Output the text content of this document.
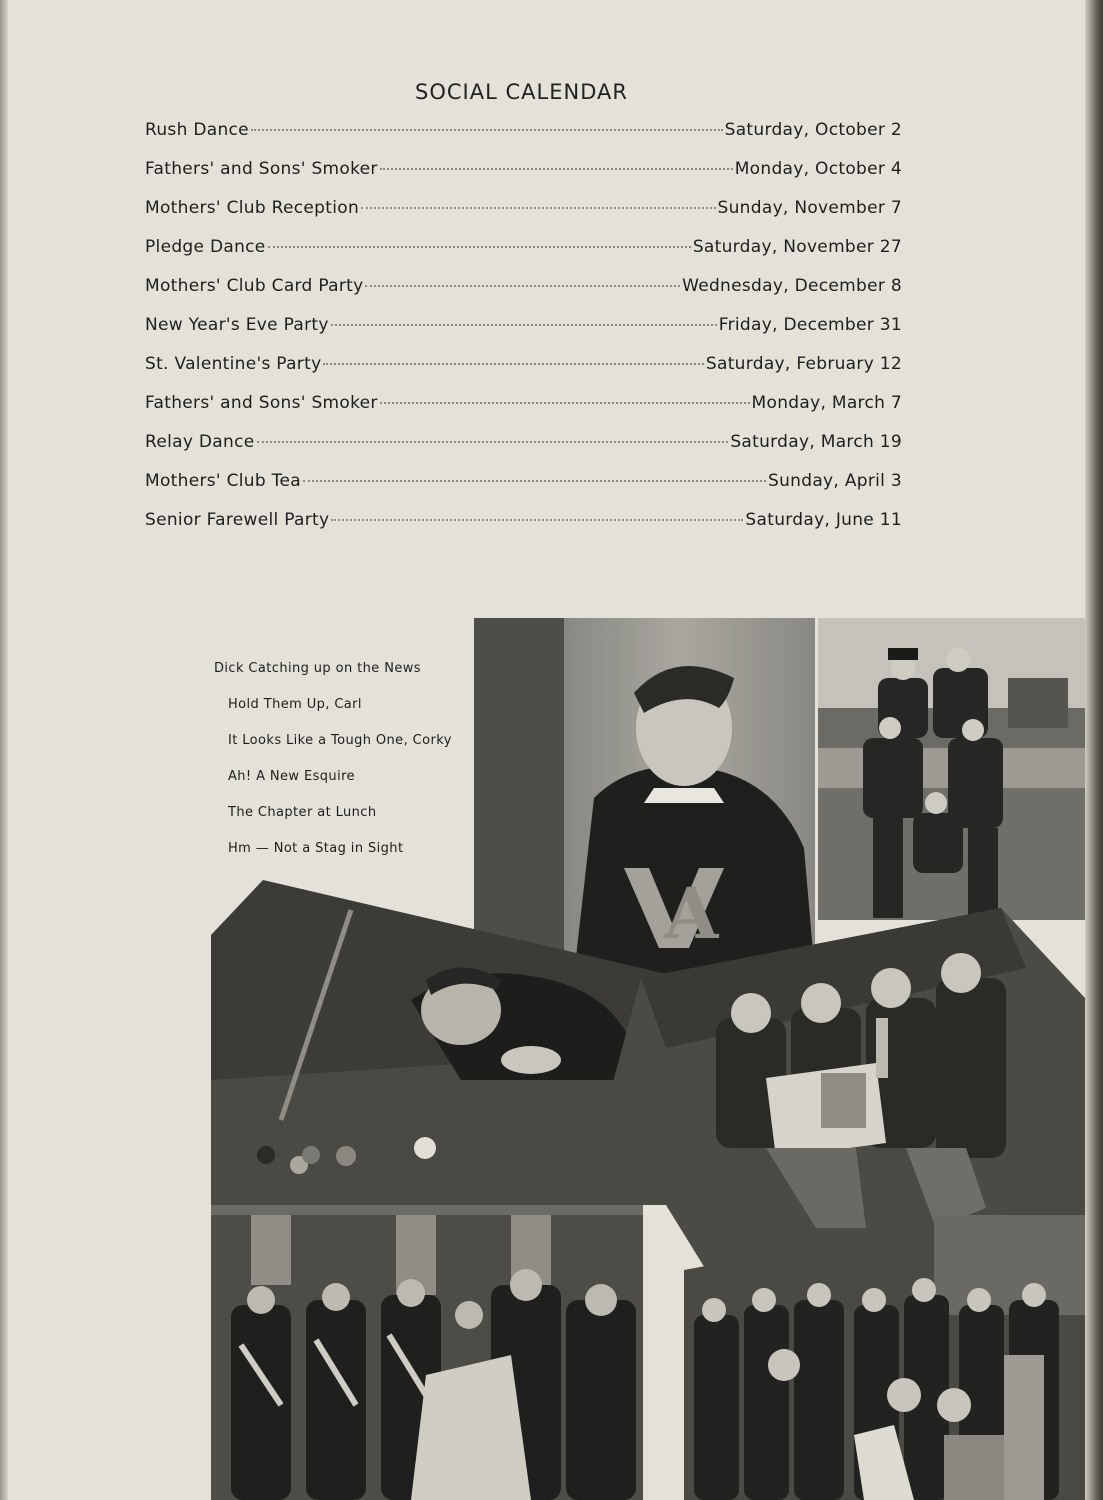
SOCIAL CALENDAR
Rush Dance	Saturday, October 2
Fathers' and Sons' Smoker	Monday, October 4
Mothers' Club Reception	Sunday, November 7
Pledge Dance	Saturday, November 27
Mothers' Club Card Party	Wednesday, December 8
New Year's Eve Party	Friday, December 31
St. Valentine's Party	Saturday, February 12
Fathers' and Sons' Smoker	Monday, March 7
Relay Dance	Saturday, March 19
Mothers' Club Tea	Sunday, April 3
Senior Farewell Party	Saturday, June 11
Dick Catching up on the News
Hold Them Up, Carl
It Looks Like a Tough One, Corky
Ah! A New Esquire
The Chapter at Lunch
Hm — Not a Stag in Sight
A
